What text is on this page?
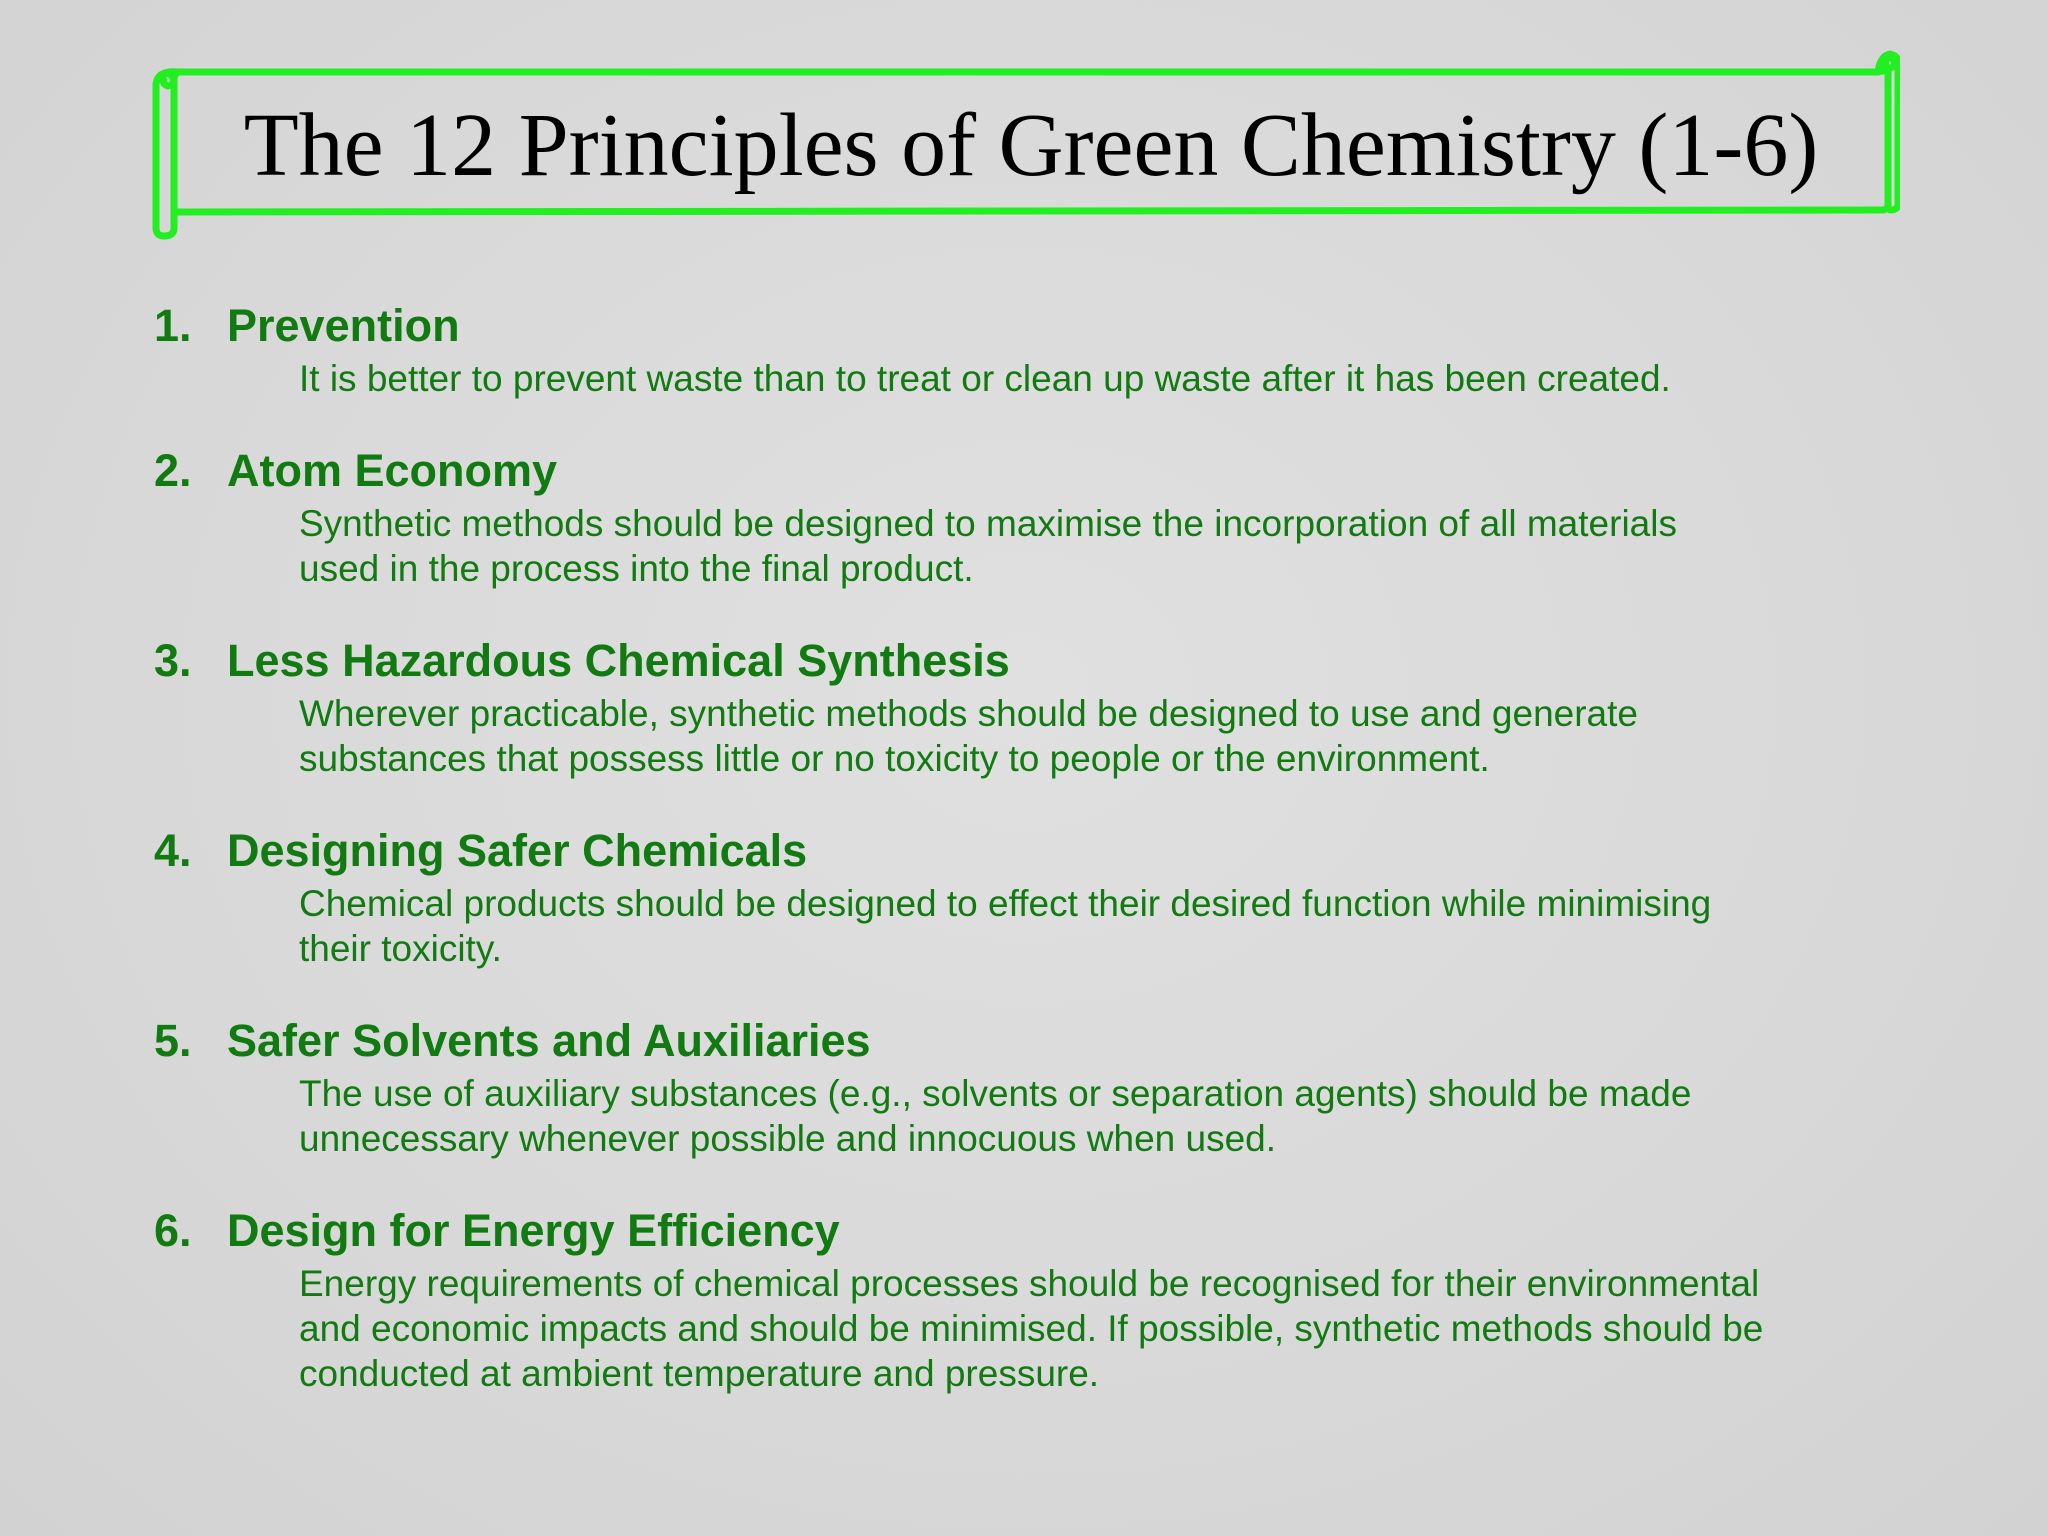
The 12 Principles of Green Chemistry (1-6)
1. Prevention
It is better to prevent waste than to treat or clean up waste after it has been created.
2. Atom Economy
Synthetic methods should be designed to maximise the incorporation of all materials
used in the process into the final product.
3. Less Hazardous Chemical Synthesis
Wherever practicable, synthetic methods should be designed to use and generate
substances that possess little or no toxicity to people or the environment.
4. Designing Safer Chemicals
Chemical products should be designed to effect their desired function while minimising
their toxicity.
5. Safer Solvents and Auxiliaries
The use of auxiliary substances (e.g., solvents or separation agents) should be made
unnecessary whenever possible and innocuous when used.
6. Design for Energy Efficiency
Energy requirements of chemical processes should be recognised for their environmental
and economic impacts and should be minimised. If possible, synthetic methods should be
conducted at ambient temperature and pressure.
